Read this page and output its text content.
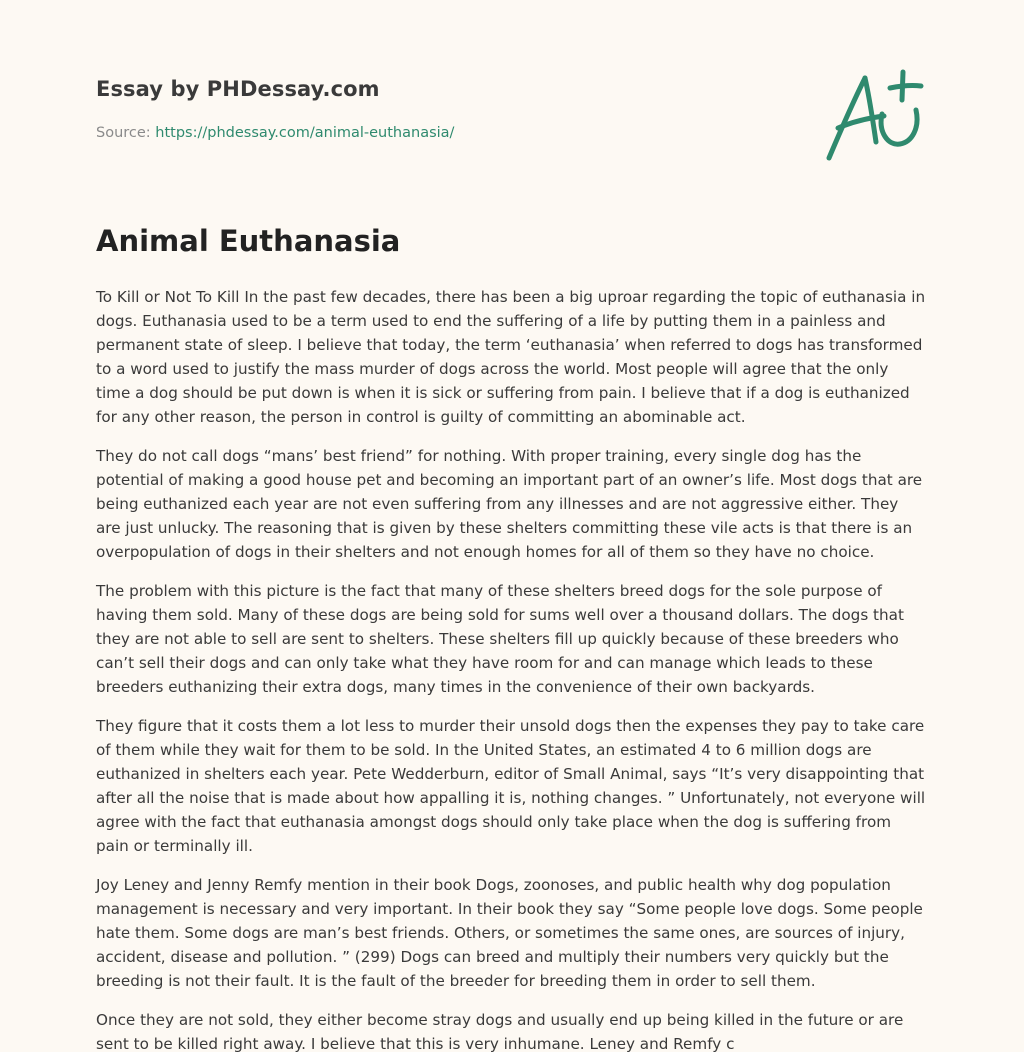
Essay by PHDessay.com
Source: https://phdessay.com/animal-euthanasia/
Animal Euthanasia

To Kill or Not To Kill In the past few decades, there has been a big uproar regarding the topic of euthanasia in dogs. Euthanasia used to be a term used to end the suffering of a life by putting them in a painless and permanent state of sleep. I believe that today, the term ‘euthanasia’ when referred to dogs has transformed to a word used to justify the mass murder of dogs across the world. Most people will agree that the only time a dog should be put down is when it is sick or suffering from pain. I believe that if a dog is euthanized for any other reason, the person in control is guilty of committing an abominable act.

They do not call dogs “mans’ best friend” for nothing. With proper training, every single dog has the potential of making a good house pet and becoming an important part of an owner’s life. Most dogs that are being euthanized each year are not even suffering from any illnesses and are not aggressive either. They are just unlucky. The reasoning that is given by these shelters committing these vile acts is that there is an overpopulation of dogs in their shelters and not enough homes for all of them so they have no choice.

The problem with this picture is the fact that many of these shelters breed dogs for the sole purpose of having them sold. Many of these dogs are being sold for sums well over a thousand dollars. The dogs that they are not able to sell are sent to shelters. These shelters fill up quickly because of these breeders who can’t sell their dogs and can only take what they have room for and can manage which leads to these breeders euthanizing their extra dogs, many times in the convenience of their own backyards.

They figure that it costs them a lot less to murder their unsold dogs then the expenses they pay to take care of them while they wait for them to be sold. In the United States, an estimated 4 to 6 million dogs are euthanized in shelters each year. Pete Wedderburn, editor of Small Animal, says “It’s very disappointing that after all the noise that is made about how appalling it is, nothing changes. ” Unfortunately, not everyone will agree with the fact that euthanasia amongst dogs should only take place when the dog is suffering from pain or terminally ill.

Joy Leney and Jenny Remfy mention in their book Dogs, zoonoses, and public health why dog population management is necessary and very important. In their book they say “Some people love dogs. Some people hate them. Some dogs are man’s best friends. Others, or sometimes the same ones, are sources of injury, accident, disease and pollution. ” (299) Dogs can breed and multiply their numbers very quickly but the breeding is not their fault. It is the fault of the breeder for breeding them in order to sell them.

Once they are not sold, they either become stray dogs and usually end up being killed in the future or are sent to be killed right away. I believe that this is very inhumane. Leney and Remfy c
